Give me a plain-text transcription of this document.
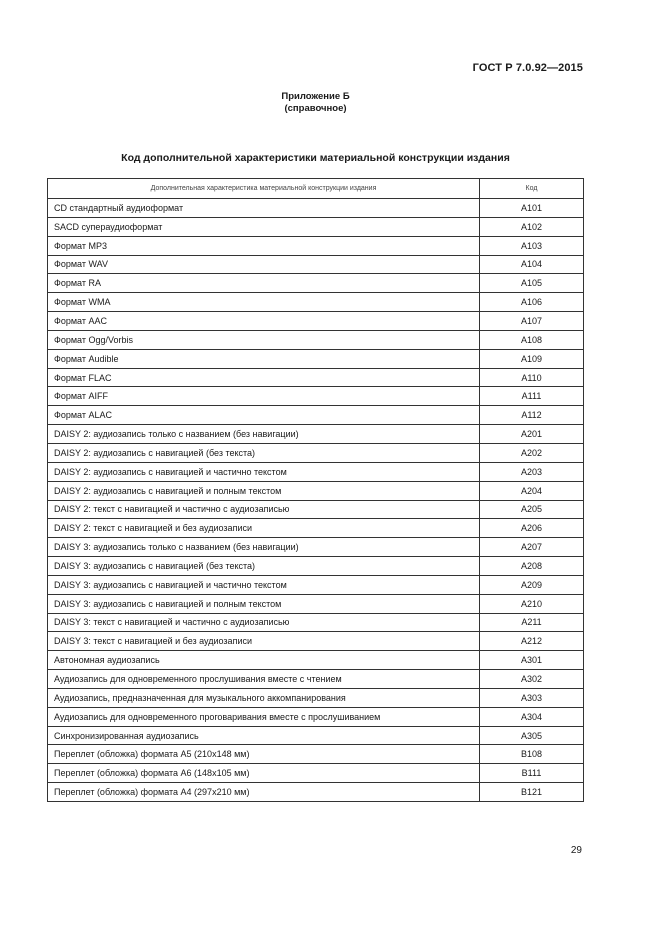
ГОСТ Р 7.0.92—2015
Приложение Б
(справочное)
Код дополнительной характеристики материальной конструкции издания
Дополнительная характеристика материальной конструкции издания	Код
CD стандартный аудиоформат	A101
SACD супераудиоформат	A102
Формат MP3	A103
Формат WAV	A104
Формат RA	A105
Формат WMA	A106
Формат AAC	A107
Формат Ogg/Vorbis	A108
Формат Audible	A109
Формат FLAC	A110
Формат AIFF	A111
Формат ALAC	A112
DAISY 2: аудиозапись только с названием (без навигации)	A201
DAISY 2: аудиозапись с навигацией (без текста)	A202
DAISY 2: аудиозапись с навигацией и частично текстом	A203
DAISY 2: аудиозапись с навигацией и полным текстом	A204
DAISY 2: текст с навигацией и частично с аудиозаписью	A205
DAISY 2: текст с навигацией и без аудиозаписи	A206
DAISY 3: аудиозапись только с названием (без навигации)	A207
DAISY 3: аудиозапись с навигацией (без текста)	A208
DAISY 3: аудиозапись с навигацией и частично текстом	A209
DAISY 3: аудиозапись с навигацией и полным текстом	A210
DAISY 3: текст с навигацией и частично с аудиозаписью	A211
DAISY 3: текст с навигацией и без аудиозаписи	A212
Автономная аудиозапись	A301
Аудиозапись для одновременного прослушивания вместе с чтением	A302
Аудиозапись, предназначенная для музыкального аккомпанирования	A303
Аудиозапись для одновременного проговаривания вместе с прослушиванием	A304
Синхронизированная аудиозапись	A305
Переплет (обложка) формата А5 (210x148 мм)	B108
Переплет (обложка) формата А6 (148x105 мм)	B111
Переплет (обложка) формата А4 (297x210 мм)	B121
29
